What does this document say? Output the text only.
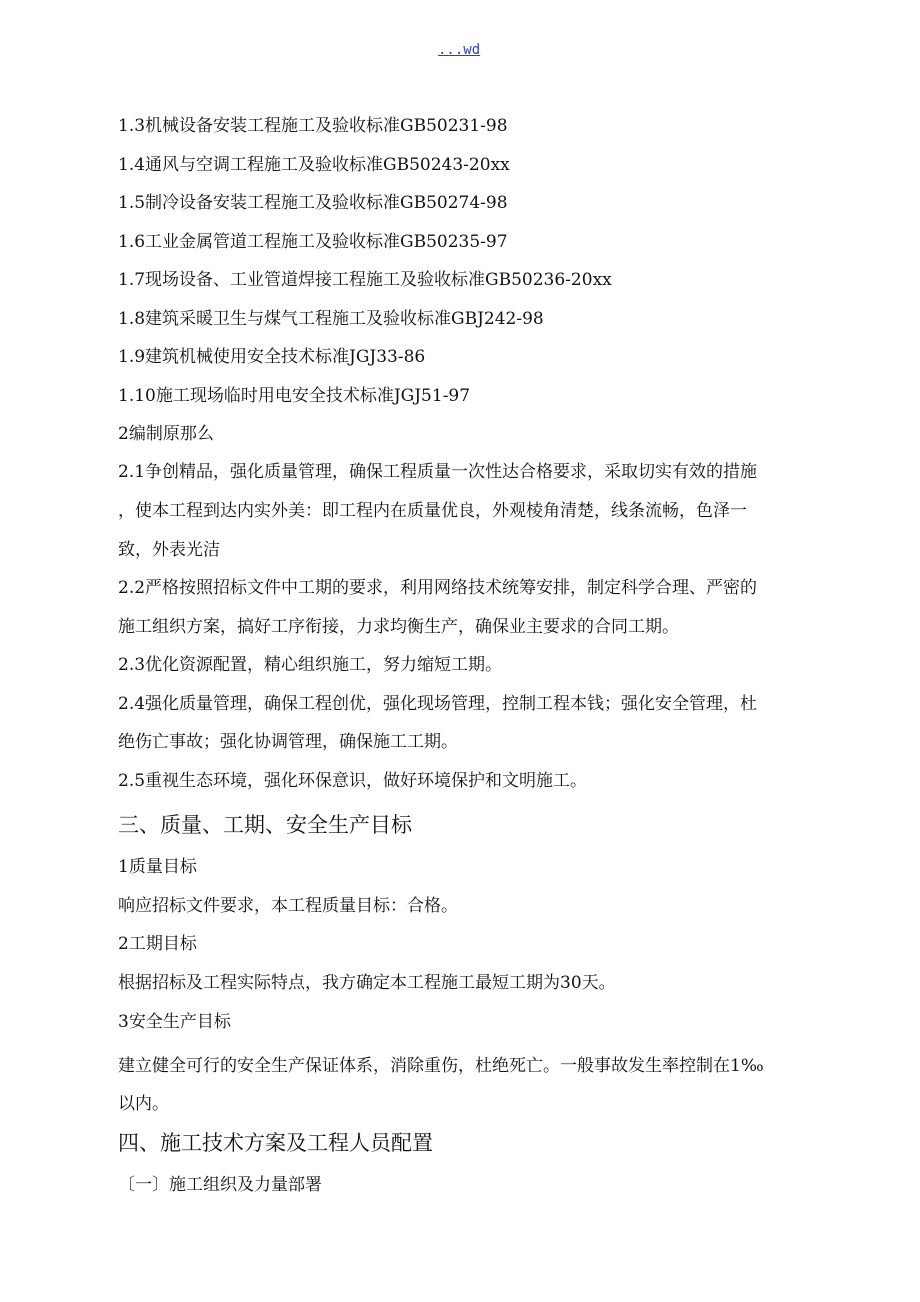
...wd
1.3机械设备安装工程施工及验收标准GB50231-98
1.4通风与空调工程施工及验收标准GB50243-20xx
1.5制冷设备安装工程施工及验收标准GB50274-98
1.6工业金属管道工程施工及验收标准GB50235-97
1.7现场设备、工业管道焊接工程施工及验收标准GB50236-20xx
1.8建筑采暖卫生与煤气工程施工及验收标准GBJ242-98
1.9建筑机械使用安全技术标准JGJ33-86
1.10施工现场临时用电安全技术标准JGJ51-97
2编制原那么
2.1争创精品，强化质量管理，确保工程质量一次性达合格要求，采取切实有效的措施
，使本工程到达内实外美：即工程内在质量优良，外观棱角清楚，线条流畅，色泽一
致，外表光洁
2.2严格按照招标文件中工期的要求，利用网络技术统筹安排，制定科学合理、严密的
施工组织方案，搞好工序衔接，力求均衡生产，确保业主要求的合同工期。
2.3优化资源配置，精心组织施工，努力缩短工期。
2.4强化质量管理，确保工程创优，强化现场管理，控制工程本钱；强化安全管理，杜
绝伤亡事故；强化协调管理，确保施工工期。
2.5重视生态环境，强化环保意识，做好环境保护和文明施工。
三、质量、工期、安全生产目标
1质量目标
响应招标文件要求，本工程质量目标：合格。
2工期目标
根据招标及工程实际特点，我方确定本工程施工最短工期为30天。
3安全生产目标
建立健全可行的安全生产保证体系，消除重伤，杜绝死亡。一般事故发生率控制在1‰
以内。
四、施工技术方案及工程人员配置
〔一〕施工组织及力量部署
